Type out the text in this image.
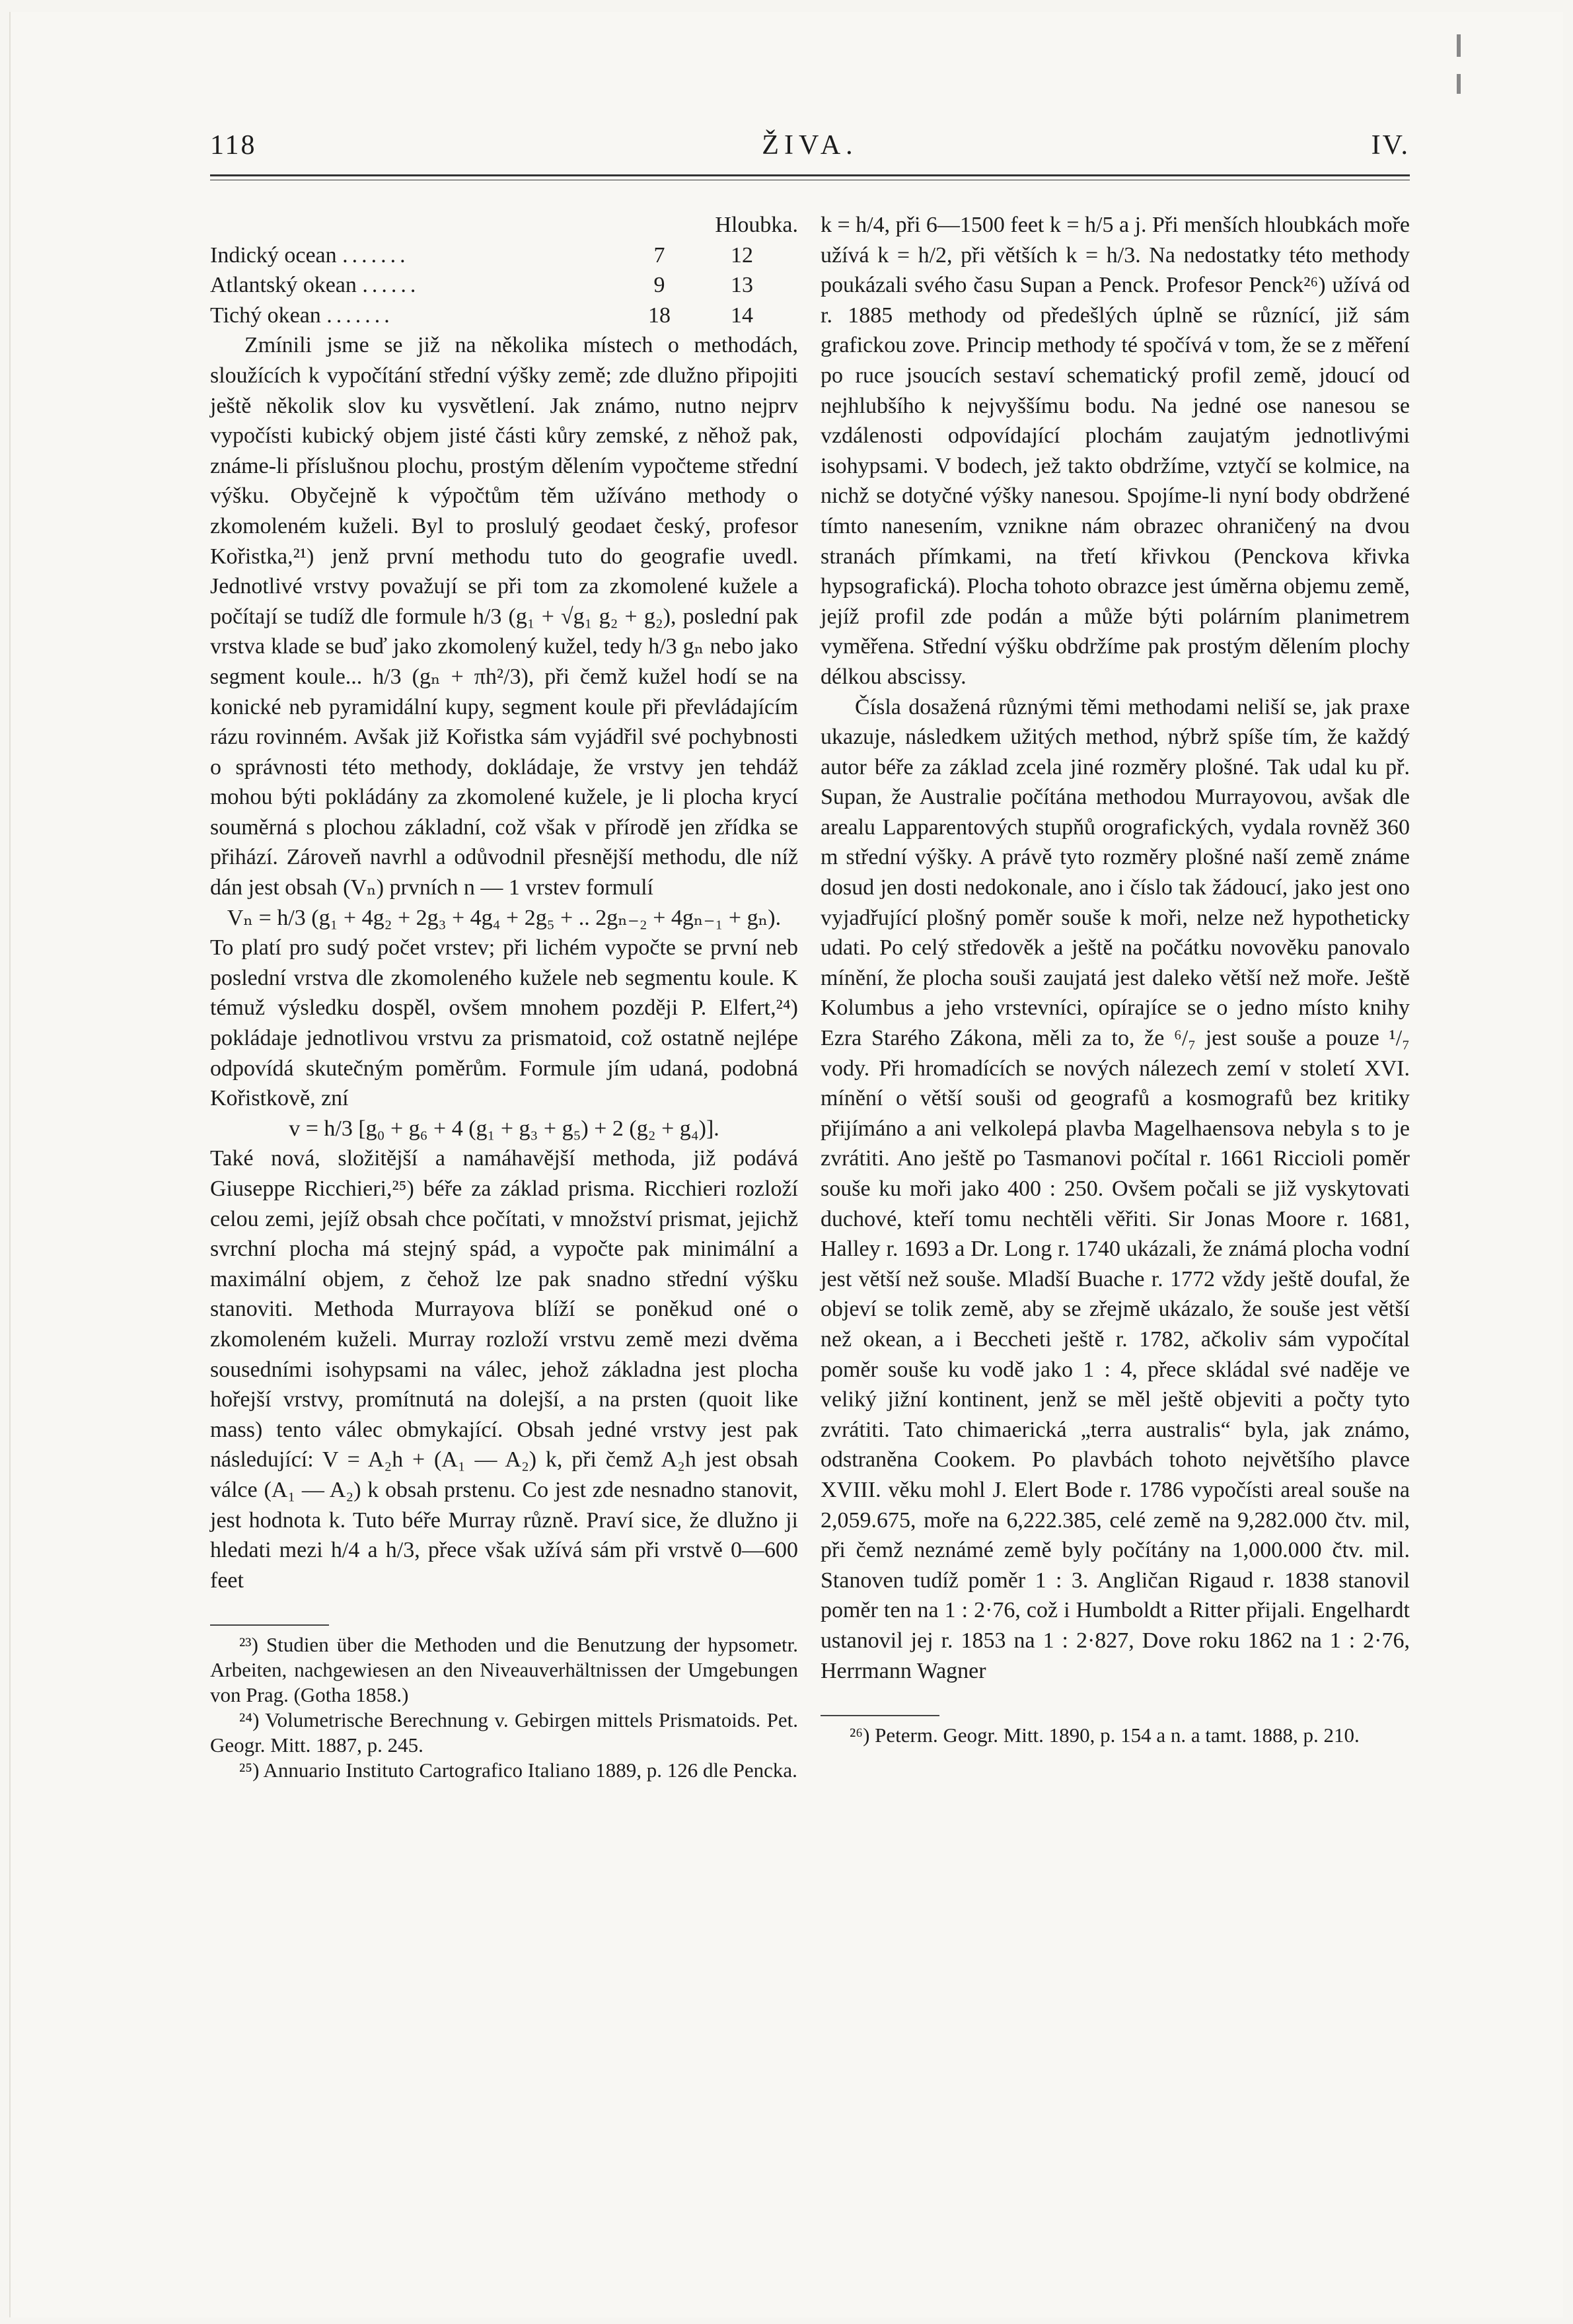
118	ŽIVA.	IV.
Hloubka.
Indický ocean .......	7	12
Atlantský okean ......	9	13
Tichý okean .......	18	14

Zmínili jsme se již na několika místech o methodách, sloužících k vypočítání střední výšky země; zde dlužno připojiti ještě několik slov ku vysvětlení. Jak známo, nutno nejprv vypočísti kubický objem jisté části kůry zemské, z něhož pak, známe-li příslušnou plochu, prostým dělením vypočteme střední výšku. Obyčejně k výpočtům těm užíváno methody o zkomoleném kuželi. Byl to proslulý geodaet český, profesor Kořistka,²¹) jenž první methodu tuto do geografie uvedl. Jednotlivé vrstvy považují se při tom za zkomolené kužele a počítají se tudíž dle formule h/3 (g₁ + √g₁ g₂ + g₂), poslední pak vrstva klade se buď jako zkomolený kužel, tedy h/3 gₙ nebo jako segment koule... h/3 (gₙ + πh²/3), při čemž kužel hodí se na konické neb pyramidální kupy, segment koule při převládajícím rázu rovinném. Avšak již Kořistka sám vyjádřil své pochybnosti o správnosti této methody, dokládaje, že vrstvy jen tehdáž mohou býti pokládány za zkomolené kužele, je li plocha krycí souměrná s plochou základní, což však v přírodě jen zřídka se přihází. Zároveň navrhl a odůvodnil přesnější methodu, dle níž dán jest obsah (Vₙ) prvních n — 1 vrstev formulí

Vₙ = h/3 (g₁ + 4g₂ + 2g₃ + 4g₄ + 2g₅ + .. 2gₙ₋₂ + 4gₙ₋₁ + gₙ).

To platí pro sudý počet vrstev; při lichém vypočte se první neb poslední vrstva dle zkomoleného kužele neb segmentu koule. K témuž výsledku dospěl, ovšem mnohem později P. Elfert,²⁴) pokládaje jednotlivou vrstvu za prismatoid, což ostatně nejlépe odpovídá skutečným poměrům. Formule jím udaná, podobná Kořistkově, zní

v = h/3 [g₀ + g₆ + 4 (g₁ + g₃ + g₅) + 2 (g₂ + g₄)].

Také nová, složitější a namáhavější methoda, již podává Giuseppe Ricchieri,²⁵) béře za základ prisma. Ricchieri rozloží celou zemi, jejíž obsah chce počítati, v množství prismat, jejichž svrchní plocha má stejný spád, a vypočte pak minimální a maximální objem, z čehož lze pak snadno střední výšku stanoviti. Methoda Murrayova blíží se poněkud oné o zkomoleném kuželi. Murray rozloží vrstvu země mezi dvěma sousedními isohypsami na válec, jehož základna jest plocha hořejší vrstvy, promítnutá na dolejší, a na prsten (quoit like mass) tento válec obmykající. Obsah jedné vrstvy jest pak následující: V = A₂h + (A₁ — A₂) k, při čemž A₂h jest obsah válce (A₁ — A₂) k obsah prstenu. Co jest zde nesnadno stanovit, jest hodnota k. Tuto béře Murray různě. Praví sice, že dlužno ji hledati mezi h/4 a h/3, přece však užívá sám při vrstvě 0—600 feet

²³) Studien über die Methoden und die Benutzung der hypsometr. Arbeiten, nachgewiesen an den Niveauverhältnissen der Umgebungen von Prag. (Gotha 1858.)

²⁴) Volumetrische Berechnung v. Gebirgen mittels Prismatoids. Pet. Geogr. Mitt. 1887, p. 245.

²⁵) Annuario Instituto Cartografico Italiano 1889, p. 126 dle Pencka.

k = h/4, při 6—1500 feet k = h/5 a j. Při menších hloubkách moře užívá k = h/2, při větších k = h/3. Na nedostatky této methody poukázali svého času Supan a Penck. Profesor Penck²⁶) užívá od r. 1885 methody od předešlých úplně se různící, již sám grafickou zove. Princip methody té spočívá v tom, že se z měření po ruce jsoucích sestaví schematický profil země, jdoucí od nejhlubšího k nejvyššímu bodu. Na jedné ose nanesou se vzdálenosti odpovídající plochám zaujatým jednotlivými isohypsami. V bodech, jež takto obdržíme, vztyčí se kolmice, na nichž se dotyčné výšky nanesou. Spojíme-li nyní body obdržené tímto nanesením, vznikne nám obrazec ohraničený na dvou stranách přímkami, na třetí křivkou (Penckova křivka hypsografická). Plocha tohoto obrazce jest úměrna objemu země, jejíž profil zde podán a může býti polárním planimetrem vyměřena. Střední výšku obdržíme pak prostým dělením plochy délkou abscissy.

Čísla dosažená různými těmi methodami neliší se, jak praxe ukazuje, následkem užitých method, nýbrž spíše tím, že každý autor béře za základ zcela jiné rozměry plošné. Tak udal ku př. Supan, že Australie počítána methodou Murrayovou, avšak dle arealu Lapparentových stupňů orografických, vydala rovněž 360 m střední výšky. A právě tyto rozměry plošné naší země známe dosud jen dosti nedokonale, ano i číslo tak žádoucí, jako jest ono vyjadřující plošný poměr souše k moři, nelze než hypotheticky udati. Po celý středověk a ještě na počátku novověku panovalo mínění, že plocha souši zaujatá jest daleko větší než moře. Ještě Kolumbus a jeho vrstevníci, opírajíce se o jedno místo knihy Ezra Starého Zákona, měli za to, že ⁶/₇ jest souše a pouze ¹/₇ vody. Při hromadících se nových nálezech zemí v století XVI. mínění o větší souši od geografů a kosmografů bez kritiky přijímáno a ani velkolepá plavba Magelhaensova nebyla s to je zvrátiti. Ano ještě po Tasmanovi počítal r. 1661 Riccioli poměr souše ku moři jako 400 : 250. Ovšem počali se již vyskytovati duchové, kteří tomu nechtěli věřiti. Sir Jonas Moore r. 1681, Halley r. 1693 a Dr. Long r. 1740 ukázali, že známá plocha vodní jest větší než souše. Mladší Buache r. 1772 vždy ještě doufal, že objeví se tolik země, aby se zřejmě ukázalo, že souše jest větší než okean, a i Beccheti ještě r. 1782, ačkoliv sám vypočítal poměr souše ku vodě jako 1 : 4, přece skládal své naděje ve veliký jižní kontinent, jenž se měl ještě objeviti a počty tyto zvrátiti. Tato chimaerická „terra australis“ byla, jak známo, odstraněna Cookem. Po plavbách tohoto největšího plavce XVIII. věku mohl J. Elert Bode r. 1786 vypočísti areal souše na 2,059.675, moře na 6,222.385, celé země na 9,282.000 čtv. mil, při čemž neznámé země byly počítány na 1,000.000 čtv. mil. Stanoven tudíž poměr 1 : 3. Angličan Rigaud r. 1838 stanovil poměr ten na 1 : 2·76, což i Humboldt a Ritter přijali. Engelhardt ustanovil jej r. 1853 na 1 : 2·827, Dove roku 1862 na 1 : 2·76, Herrmann Wagner

²⁶) Peterm. Geogr. Mitt. 1890, p. 154 a n. a tamt. 1888, p. 210.
